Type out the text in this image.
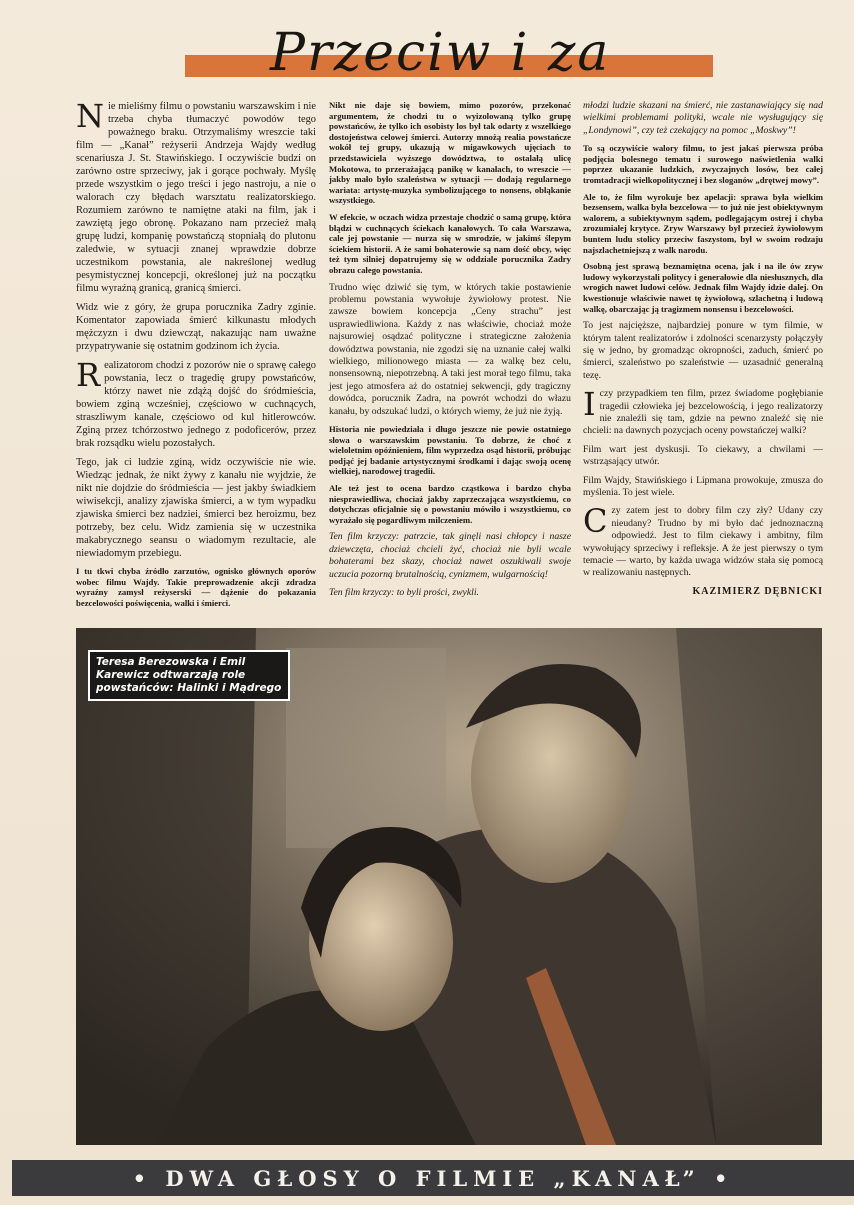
Przeciw i za

Nie mieliśmy filmu o powstaniu warszawskim i nie trzeba chyba tłumaczyć powodów tego poważnego braku. Otrzymaliśmy wreszcie taki film — „Kanał” reżyserii Andrzeja Wajdy według scenariusza J. St. Stawińskiego. I oczywiście budzi on zarówno ostre sprzeciwy, jak i gorące pochwały. Myślę przede wszystkim o jego treści i jego nastroju, a nie o walorach czy błędach warsztatu realizatorskiego. Rozumiem zarówno te namiętne ataki na film, jak i zawziętą jego obronę. Pokazano nam przecież małą grupę ludzi, kompanię powstańczą stopniałą do plutonu zaledwie, w sytuacji znanej wprawdzie dobrze uczestnikom powstania, ale nakreślonej według pesymistycznej koncepcji, określonej już na początku filmu wyraźną granicą, granicą śmierci.

Widz wie z góry, że grupa porucznika Zadry zginie. Komentator zapowiada śmierć kilkunastu młodych mężczyzn i dwu dziewcząt, nakazując nam uważne przypatrywanie się ostatnim godzinom ich życia.

Realizatorom chodzi z pozorów nie o sprawę całego powstania, lecz o tragedię grupy powstańców, którzy nawet nie zdążą dojść do śródmieścia, bowiem zginą wcześniej, częściowo w cuchnących, straszliwym kanale, częściowo od kul hitlerowców. Zginą przez tchórzostwo jednego z podoficerów, przez brak rozsądku wielu pozostałych.

Tego, jak ci ludzie zginą, widz oczywiście nie wie. Wiedząc jednak, że nikt żywy z kanału nie wyjdzie, że nikt nie dojdzie do śródmieścia — jest jakby świadkiem wiwisekcji, analizy zjawiska śmierci, a w tym wypadku zjawiska śmierci bez nadziei, śmierci bez heroizmu, bez potrzeby, bez celu. Widz zamienia się w uczestnika makabrycznego seansu o wiadomym rezultacie, ale niewiadomym przebiegu.

I tu tkwi chyba źródło zarzutów, ognisko głównych oporów wobec filmu Wajdy. Takie preprowadzenie akcji zdradza wyraźny zamysł reżyserski — dążenie do pokazania bezcelowości poświęcenia, walki i śmierci.

Nikt nie daje się bowiem, mimo pozorów, przekonać argumentem, że chodzi tu o wyizolowaną tylko grupę powstańców, że tylko ich osobisty los był tak odarty z wszelkiego dostojeństwa celowej śmierci. Autorzy mnożą realia powstańcze wokół tej grupy, ukazują w migawkowych ujęciach to przedstawiciela wyższego dowództwa, to ostalałą ulicę Mokotowa, to przerażającą panikę w kanałach, to wreszcie — jakby mało było szaleństwa w sytuacji — dodają regularnego wariata: artystę-muzyka symbolizującego to nonsens, obłąkanie wszystkiego.

W efekcie, w oczach widza przestaje chodzić o samą grupę, która błądzi w cuchnących ściekach kanałowych. To cała Warszawa, cale jej powstanie — nurza się w smrodzie, w jakimś ślepym ściekiem historii. A że sami bohaterowie są nam dość obcy, więc też tym silniej dopatrujemy się w oddziale porucznika Zadry obrazu całego powstania.

Trudno więc dziwić się tym, w których takie postawienie problemu powstania wywołuje żywiołowy protest. Nie zawsze bowiem koncepcja „Ceny strachu” jest usprawiedliwiona. Każdy z nas właściwie, chociaż może najsurowiej osądzać polityczne i strategiczne założenia dowództwa powstania, nie zgodzi się na uznanie całej walki wielkiego, milionowego miasta — za walkę bez celu, nonsensowną, niepotrzebną. A taki jest morał tego filmu, taka jest jego atmosfera aż do ostatniej sekwencji, gdy tragiczny dowódca, porucznik Zadra, na powrót wchodzi do włazu kanału, by odszukać ludzi, o których wiemy, że już nie żyją.

Historia nie powiedziała i długo jeszcze nie powie ostatniego słowa o warszawskim powstaniu. To dobrze, że choć z wieloletnim opóźnieniem, film wyprzedza osąd historii, próbując podjąć jej badanie artystycznymi środkami i dając swoją ocenę wielkiej, narodowej tragedii.

Ale też jest to ocena bardzo cząstkowa i bardzo chyba niesprawiedliwa, chociaż jakby zaprzeczająca wszystkiemu, co dotychczas oficjalnie się o powstaniu mówiło i wszystkiemu, co wyrażało się pogardliwym milczeniem.

Ten film krzyczy: patrzcie, tak ginęli nasi chłopcy i nasze dziewczęta, chociaż chcieli żyć, chociaż nie byli wcale bohaterami bez skazy, chociaż nawet oszukiwali swoje uczucia pozorną brutalnością, cynizmem, wulgarnością!

Ten film krzyczy: to byli prości, zwykli.

młodzi ludzie skazani na śmierć, nie zastanawiający się nad wielkimi problemami polityki, wcale nie wysługujący się „Londynowi”, czy też czekający na pomoc „Moskwy”!

To są oczywiście walory filmu, to jest jakaś pierwsza próba podjęcia bolesnego tematu i surowego naświetlenia walki poprzez ukazanie ludzkich, zwyczajnych losów, bez całej tromtadracji wielkopolitycznej i bez sloganów „drętwej mowy”.

Ale to, że film wyrokuje bez apelacji: sprawa była wielkim bezsensem, walka była bezcelowa — to już nie jest obiektywnym walorem, a subiektywnym sądem, podlegającym ostrej i chyba zrozumiałej krytyce. Zryw Warszawy był przecież żywiołowym buntem ludu stolicy przeciw faszystom, był w swoim rodzaju najszlachetniejszą z walk narodu.

Osobną jest sprawą beznamiętna ocena, jak i na ile ów zryw ludowy wykorzystali politycy i generałowie dla niesłusznych, dla wrogich nawet ludowi celów. Jednak film Wajdy idzie dalej. On kwestionuje właściwie nawet tę żywiołową, szlachetną i ludową walkę, obarczając ją tragizmem nonsensu i bezcelowości.

To jest najcięższe, najbardziej ponure w tym filmie, w którym talent realizatorów i zdolności scenarzysty połączyły się w jedno, by gromadząc okropności, zaduch, śmierć po śmierci, szaleństwo po szaleństwie — uzasadnić generalną tezę.

Iczy przypadkiem ten film, przez świadome pogłębianie tragedii człowieka jej bezcelowością, i jego realizatorzy nie znaleźli się tam, gdzie na pewno znaleźć się nie chcieli: na dawnych pozycjach oceny powstańczej walki?

Film wart jest dyskusji. To ciekawy, a chwilami — wstrząsający utwór.

Film Wajdy, Stawińskiego i Lipmana prowokuje, zmusza do myślenia. To jest wiele.

Czy zatem jest to dobry film czy zły? Udany czy nieudany? Trudno by mi było dać jednoznaczną odpowiedź. Jest to film ciekawy i ambitny, film wywołujący sprzeciwy i refleksje. A że jest pierwszy o tym temacie — warto, by każda uwaga widzów stała się pomocą w realizowaniu następnych.

KAZIMIERZ DĘBNICKI
Teresa Berezowska i Emil Karewicz odtwarzają role powstańców: Halinki i Mądrego
• DWA GŁOSY O FILMIE „KANAŁ” •
